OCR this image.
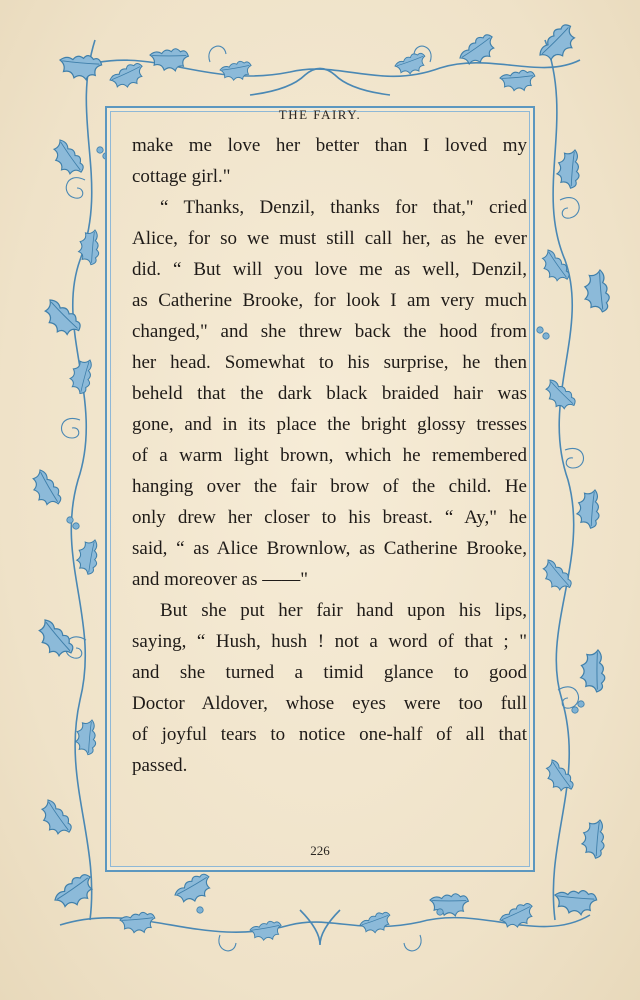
THE FAIRY.
make me love her better than I loved my
cottage girl."
“ Thanks, Denzil, thanks for that," cried
Alice, for so we must still call her, as he ever
did. “ But will you love me as well, Denzil,
as Catherine Brooke, for look I am very much
changed," and she threw back the hood from
her head. Somewhat to his surprise, he then
beheld that the dark black braided hair was
gone, and in its place the bright glossy tresses
of a warm light brown, which he remembered
hanging over the fair brow of the child. He
only drew her closer to his breast. “ Ay," he
said, “ as Alice Brownlow, as Catherine Brooke,
and moreover as ——"
But she put her fair hand upon his lips,
saying, “ Hush, hush ! not a word of that ; "
and she turned a timid glance to good
Doctor Aldover, whose eyes were too full
of joyful tears to notice one-half of all that
passed.
226
